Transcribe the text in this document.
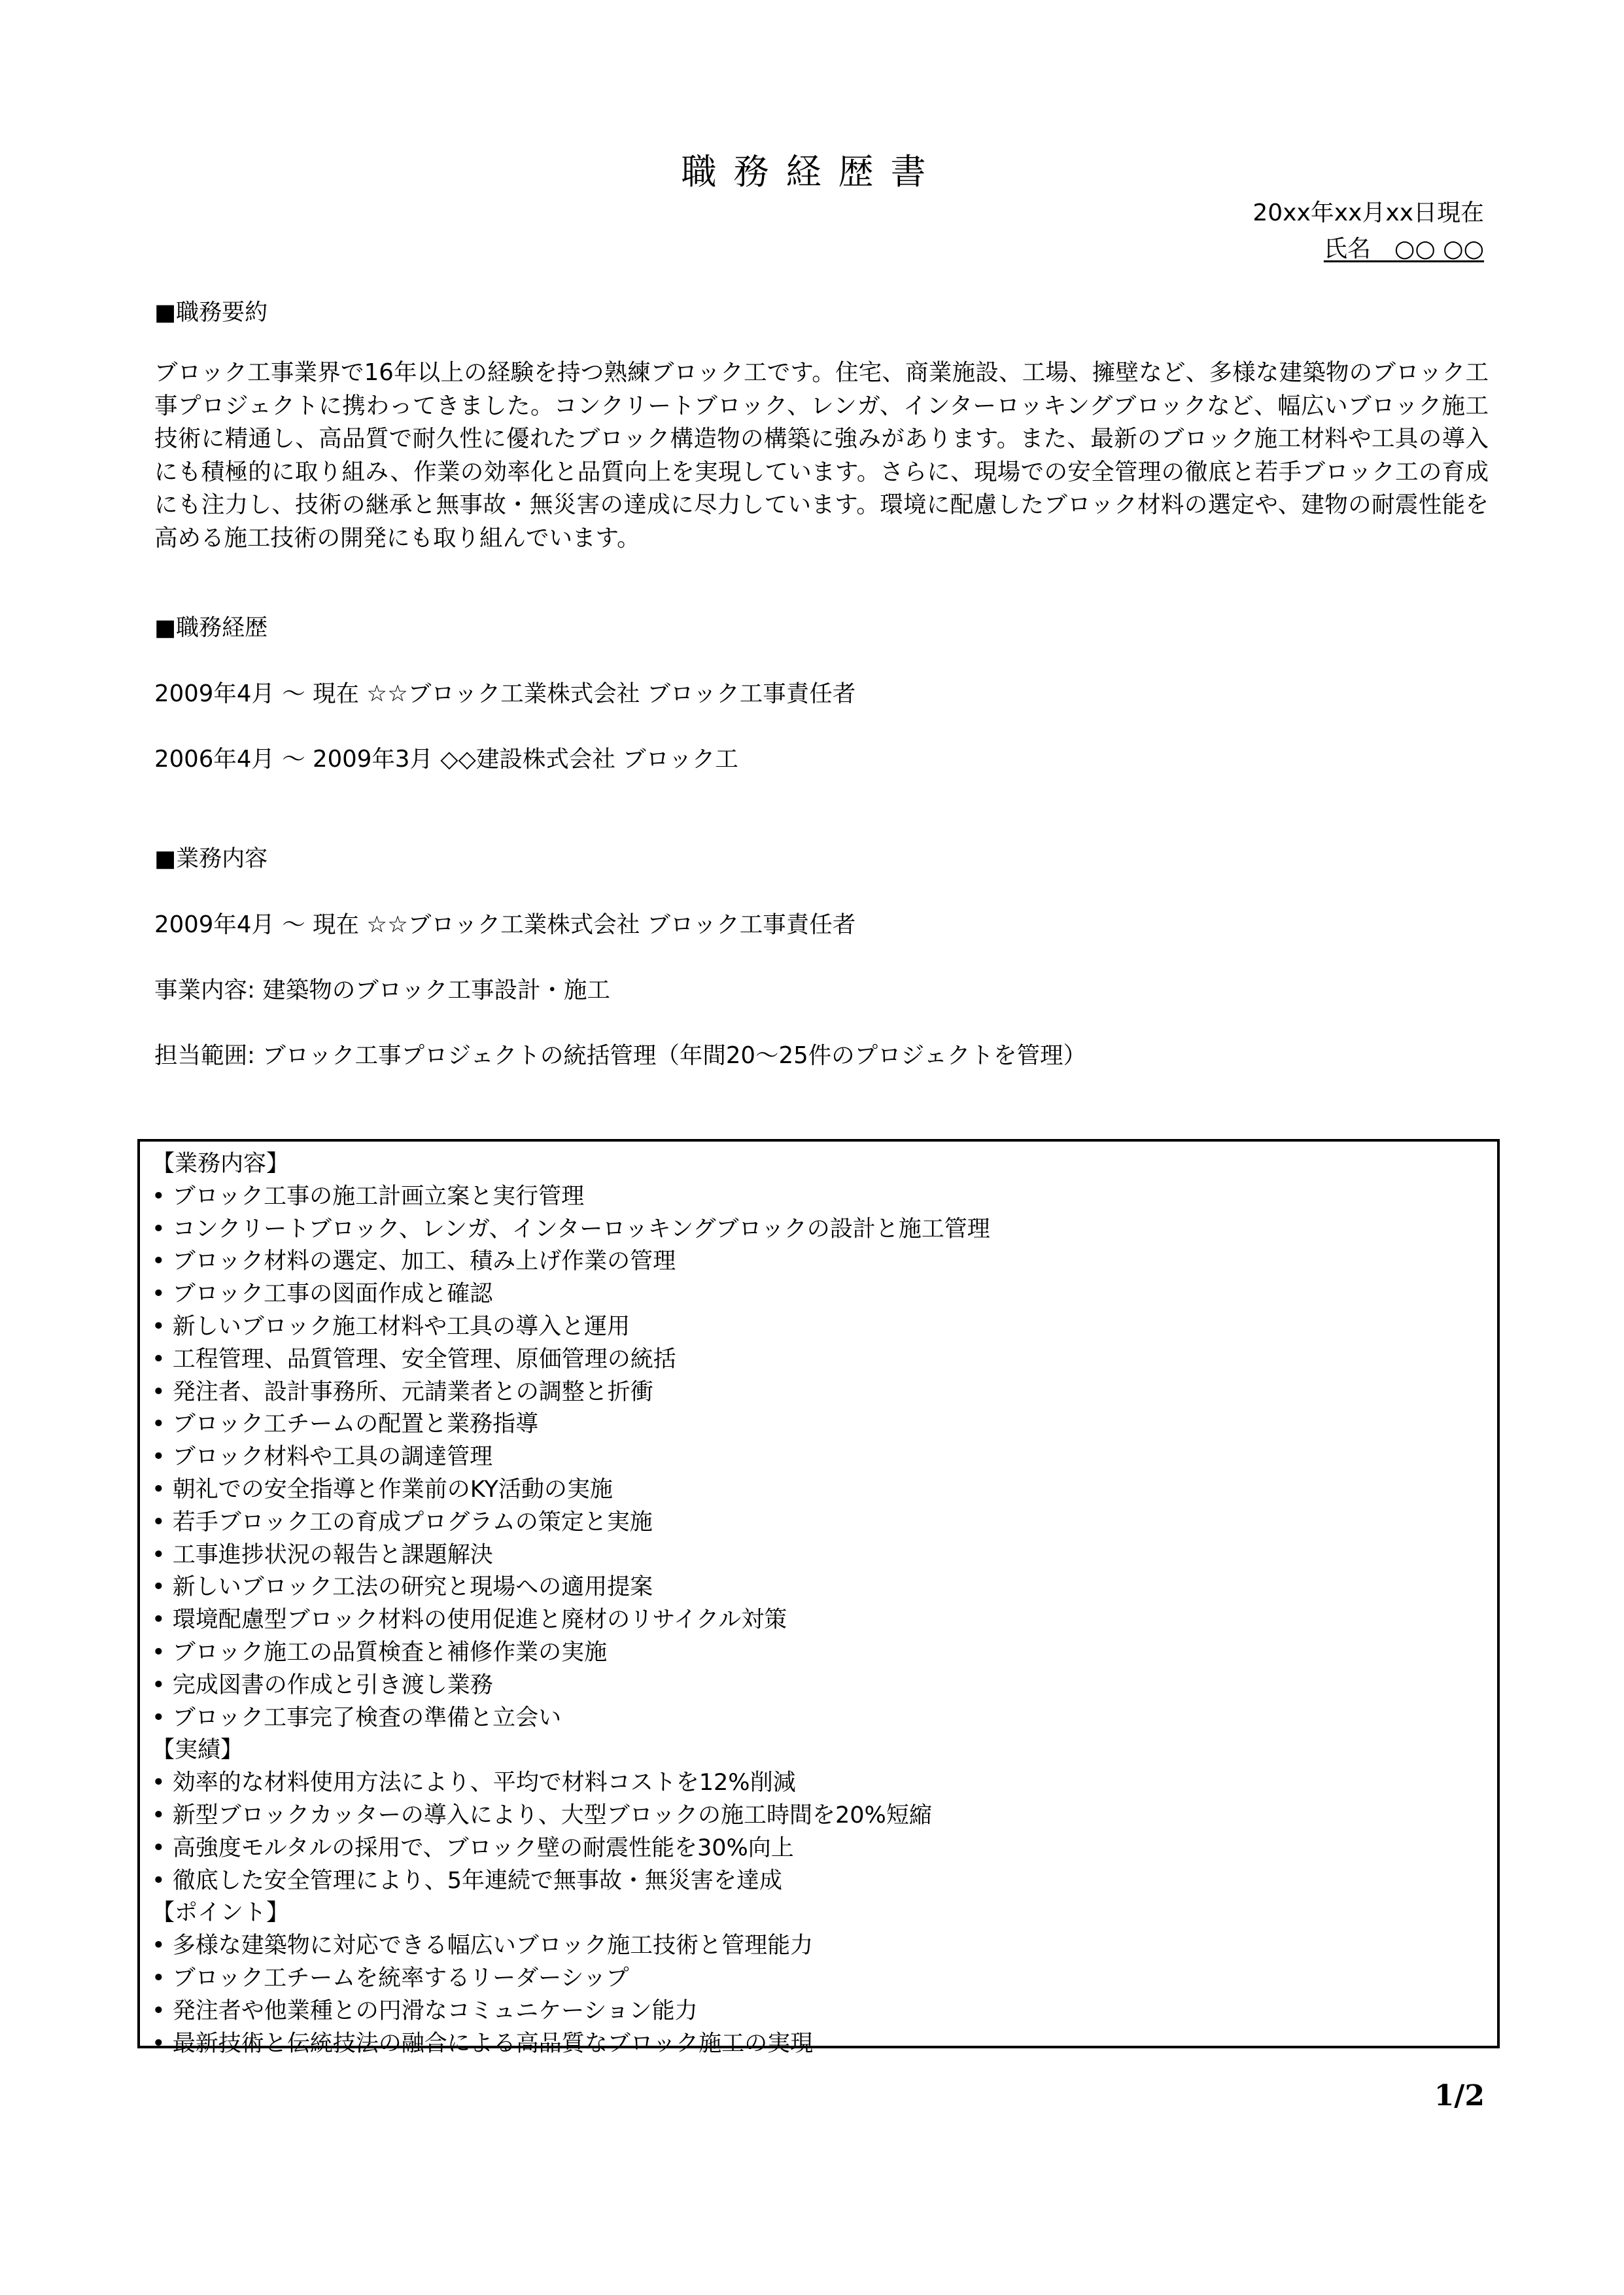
職務経歴書
20xx年xx月xx日現在
氏名　○○ ○○
■職務要約

ブロック工事業界で16年以上の経験を持つ熟練ブロック工です。住宅、商業施設、工場、擁壁など、多様な建築物のブロック工事プロジェクトに携わってきました。コンクリートブロック、レンガ、インターロッキングブロックなど、幅広いブロック施工技術に精通し、高品質で耐久性に優れたブロック構造物の構築に強みがあります。また、最新のブロック施工材料や工具の導入にも積極的に取り組み、作業の効率化と品質向上を実現しています。さらに、現場での安全管理の徹底と若手ブロック工の育成にも注力し、技術の継承と無事故・無災害の達成に尽力しています。環境に配慮したブロック材料の選定や、建物の耐震性能を高める施工技術の開発にも取り組んでいます。

■職務経歴
2009年4月 ～ 現在 ☆☆ブロック工業株式会社 ブロック工事責任者
2006年4月 ～ 2009年3月 ◇◇建設株式会社 ブロック工
■業務内容
2009年4月 ～ 現在 ☆☆ブロック工業株式会社 ブロック工事責任者
事業内容: 建築物のブロック工事設計・施工
担当範囲: ブロック工事プロジェクトの統括管理（年間20～25件のプロジェクトを管理）
【業務内容】
• ブロック工事の施工計画立案と実行管理
• コンクリートブロック、レンガ、インターロッキングブロックの設計と施工管理
• ブロック材料の選定、加工、積み上げ作業の管理
• ブロック工事の図面作成と確認
• 新しいブロック施工材料や工具の導入と運用
• 工程管理、品質管理、安全管理、原価管理の統括
• 発注者、設計事務所、元請業者との調整と折衝
• ブロック工チームの配置と業務指導
• ブロック材料や工具の調達管理
• 朝礼での安全指導と作業前のKY活動の実施
• 若手ブロック工の育成プログラムの策定と実施
• 工事進捗状況の報告と課題解決
• 新しいブロック工法の研究と現場への適用提案
• 環境配慮型ブロック材料の使用促進と廃材のリサイクル対策
• ブロック施工の品質検査と補修作業の実施
• 完成図書の作成と引き渡し業務
• ブロック工事完了検査の準備と立会い
【実績】
• 効率的な材料使用方法により、平均で材料コストを12%削減
• 新型ブロックカッターの導入により、大型ブロックの施工時間を20%短縮
• 高強度モルタルの採用で、ブロック壁の耐震性能を30%向上
• 徹底した安全管理により、5年連続で無事故・無災害を達成
【ポイント】
• 多様な建築物に対応できる幅広いブロック施工技術と管理能力
• ブロック工チームを統率するリーダーシップ
• 発注者や他業種との円滑なコミュニケーション能力
• 最新技術と伝統技法の融合による高品質なブロック施工の実現
1/2
